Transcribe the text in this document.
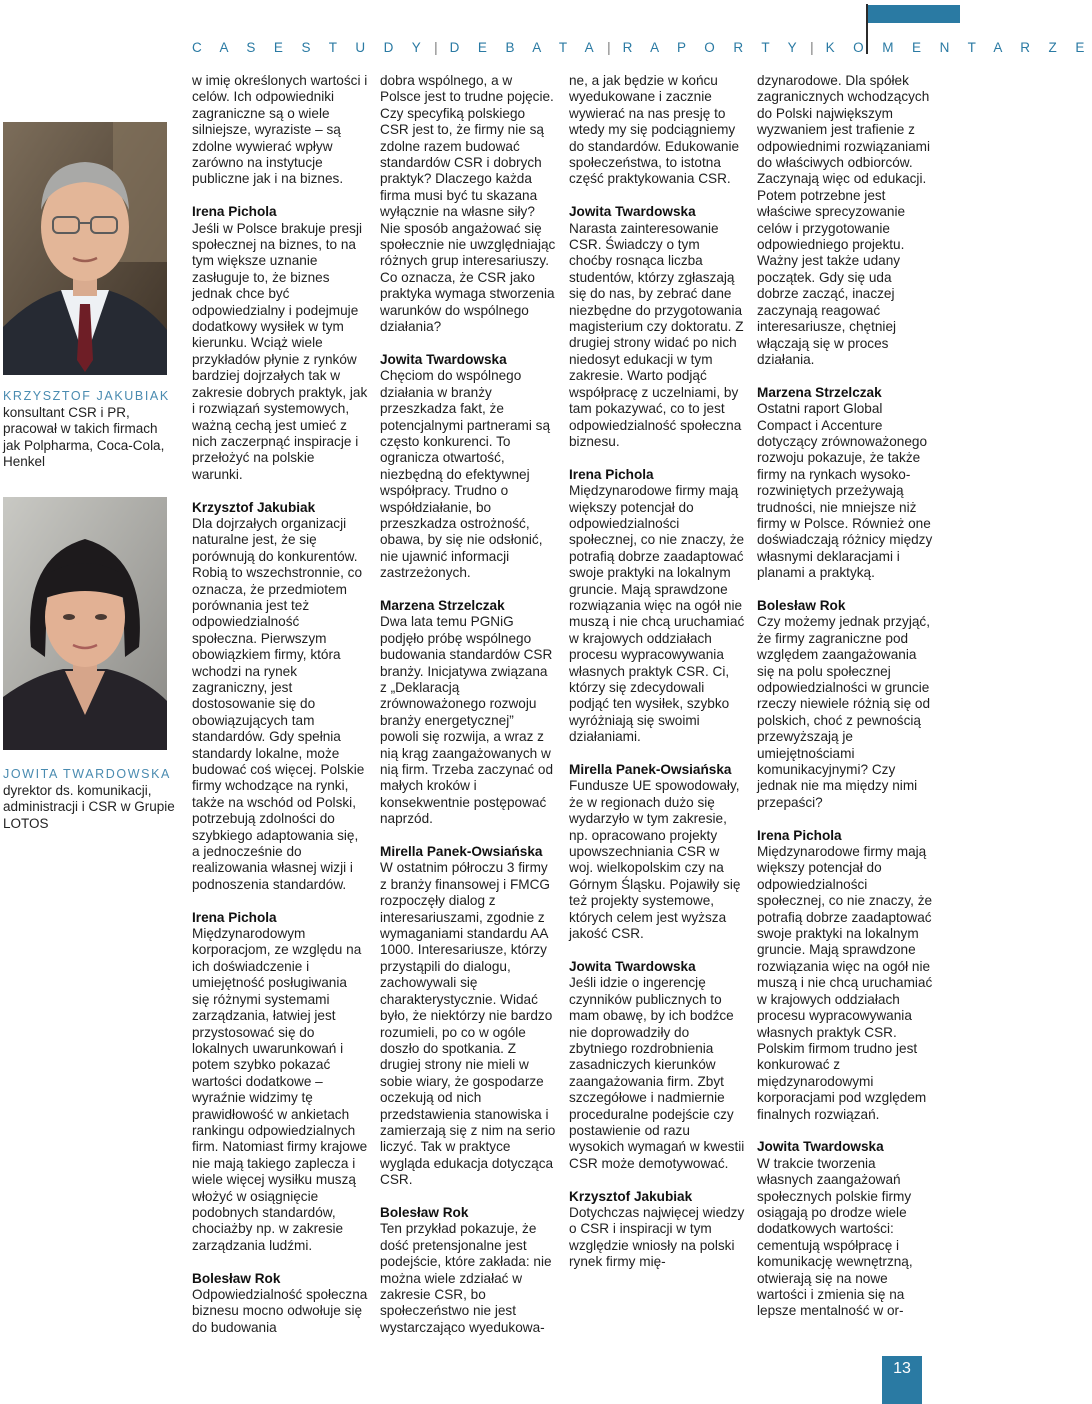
C A S E S T U D Y | D E B A T A | R A P O R T Y | K O M E N T A R Z E
KRZYSZTOF JAKUBIAK
konsultant CSR i PR, pracował w takich firmach jak Polpharma, Coca-Cola, Henkel
JOWITA TWARDOWSKA
dyrektor ds. komunikacji, administracji i CSR w Grupie LOTOS

w imię określonych wartości i celów. Ich odpowiedniki zagraniczne są o wiele silniejsze, wyraziste – są zdolne wywierać wpływ zarówno na instytucje publiczne jak i na biznes.

Irena Pichola
Jeśli w Polsce brakuje presji społecznej na biznes, to na tym większe uznanie zasługuje to, że biznes jednak chce być odpowiedzialny i podejmuje dodatkowy wysiłek w tym kierunku. Wciąż wiele przykładów płynie z rynków bardziej dojrzałych tak w zakresie dobrych praktyk, jak i rozwiązań systemowych, ważną cechą jest umieć z nich zaczerpnąć inspiracje i przełożyć na polskie warunki.

Krzysztof Jakubiak
Dla dojrzałych organizacji naturalne jest, że się porównują do konkurentów. Robią to wszechstronnie, co oznacza, że przedmiotem porównania jest też odpowiedzialność społeczna. Pierwszym obowiązkiem firmy, która wchodzi na rynek zagraniczny, jest dostosowanie się do obowiązujących tam standardów. Gdy spełnia standardy lokalne, może budować coś więcej. Polskie firmy wchodzące na rynki, także na wschód od Polski, potrzebują zdolności do szybkiego adaptowania się, a jednocześnie do realizowania własnej wizji i podnoszenia standardów.

Irena Pichola
Międzynarodowym korporacjom, ze względu na ich doświadczenie i umiejętność posługiwania się różnymi systemami zarządzania, łatwiej jest przystosować się do lokalnych uwarunkowań i potem szybko pokazać wartości dodatkowe – wyraźnie widzimy tę prawidłowość w ankietach rankingu odpowiedzialnych firm. Natomiast firmy krajowe nie mają takiego zaplecza i wiele więcej wysiłku muszą włożyć w osiągnięcie podobnych standardów, chociażby np. w zakresie zarządzania ludźmi.

Bolesław Rok
Odpowiedzialność społeczna biznesu mocno odwołuje się do budowania

dobra wspólnego, a w Polsce jest to trudne pojęcie. Czy specyfiką polskiego CSR jest to, że firmy nie są zdolne razem budować standardów CSR i dobrych praktyk? Dlaczego każda firma musi być tu skazana wyłącznie na własne siły? Nie sposób angażować się społecznie nie uwzględniając różnych grup interesariuszy. Co oznacza, że CSR jako praktyka wymaga stworzenia warunków do wspólnego działania?

Jowita Twardowska
Chęciom do wspólnego działania w branży przeszkadza fakt, że potencjalnymi partnerami są często konkurenci. To ogranicza otwartość, niezbędną do efektywnej współpracy. Trudno o współdziałanie, bo przeszkadza ostrożność, obawa, by się nie odsłonić, nie ujawnić informacji zastrzeżonych.

Marzena Strzelczak
Dwa lata temu PGNiG podjęło próbę wspólnego budowania standardów CSR branży. Inicjatywa związana z „Deklaracją zrównoważonego rozwoju branży energetycznej” powoli się rozwija, a wraz z nią krąg zaangażowanych w nią firm. Trzeba zaczynać od małych kroków i konsekwentnie postępować naprzód.

Mirella Panek-Owsiańska
W ostatnim półroczu 3 firmy z branży finansowej i FMCG rozpoczęły dialog z interesariuszami, zgodnie z wymaganiami standardu AA 1000. Interesariusze, którzy przystąpili do dialogu, zachowywali się charakterystycznie. Widać było, że niektórzy nie bardzo rozumieli, po co w ogóle doszło do spotkania. Z drugiej strony nie mieli w sobie wiary, że gospodarze oczekują od nich przedstawienia stanowiska i zamierzają się z nim na serio liczyć. Tak w praktyce wygląda edukacja dotycząca CSR.

Bolesław Rok
Ten przykład pokazuje, że dość pretensjonalne jest podejście, które zakłada: nie można wiele zdziałać w zakresie CSR, bo społeczeństwo nie jest wystarczająco wyedukowa-

ne, a jak będzie w końcu wyedukowane i zacznie wywierać na nas presję to wtedy my się podciągniemy do standardów. Edukowanie społeczeństwa, to istotna część praktykowania CSR.

Jowita Twardowska
Narasta zainteresowanie CSR. Świadczy o tym choćby rosnąca liczba studentów, którzy zgłaszają się do nas, by zebrać dane niezbędne do przygotowania magisterium czy doktoratu. Z drugiej strony widać po nich niedosyt edukacji w tym zakresie. Warto podjąć współpracę z uczelniami, by tam pokazywać, co to jest odpowiedzialność społeczna biznesu.

Irena Pichola
Międzynarodowe firmy mają większy potencjał do odpowiedzialności społecznej, co nie znaczy, że potrafią dobrze zaadaptować swoje praktyki na lokalnym gruncie. Mają sprawdzone rozwiązania więc na ogół nie muszą i nie chcą uruchamiać w krajowych oddziałach procesu wypracowywania własnych praktyk CSR. Ci, którzy się zdecydowali podjąć ten wysiłek, szybko wyróżniają się swoimi działaniami.

Mirella Panek-Owsiańska
Fundusze UE spowodowały, że w regionach dużo się wydarzyło w tym zakresie, np. opracowano projekty upowszechniania CSR w woj. wielkopolskim czy na Górnym Śląsku. Pojawiły się też projekty systemowe, których celem jest wyższa jakość CSR.

Jowita Twardowska
Jeśli idzie o ingerencję czynników publicznych to mam obawę, by ich bodźce nie doprowadziły do zbytniego rozdrobnienia zasadniczych kierunków zaangażowania firm. Zbyt szczegółowe i nadmiernie proceduralne podejście czy postawienie od razu wysokich wymagań w kwestii CSR może demotywować.

Krzysztof Jakubiak
Dotychczas najwięcej wiedzy o CSR i inspiracji w tym względzie wniosły na polski rynek firmy mię-

dzynarodowe. Dla spółek zagranicznych wchodzących do Polski największym wyzwaniem jest trafienie z odpowiednimi rozwiązaniami do właściwych odbiorców. Zaczynają więc od edukacji. Potem potrzebne jest właściwe sprecyzowanie celów i przygotowanie odpowiedniego projektu. Ważny jest także udany początek. Gdy się uda dobrze zacząć, inaczej zaczynają reagować interesariusze, chętniej włączają się w proces działania.

Marzena Strzelczak
Ostatni raport Global Compact i Accenture dotyczący zrównoważonego rozwoju pokazuje, że także firmy na rynkach wysoko-rozwiniętych przeżywają trudności, nie mniejsze niż firmy w Polsce. Również one doświadczają różnicy między własnymi deklaracjami i planami a praktyką.

Bolesław Rok
Czy możemy jednak przyjąć, że firmy zagraniczne pod względem zaangażowania się na polu społecznej odpowiedzialności w gruncie rzeczy niewiele różnią się od polskich, choć z pewnością przewyższają je umiejętnościami komunikacyjnymi? Czy jednak nie ma między nimi przepaści?

Irena Pichola
Międzynarodowe firmy mają większy potencjał do odpowiedzialności społecznej, co nie znaczy, że potrafią dobrze zaadaptować swoje praktyki na lokalnym gruncie. Mają sprawdzone rozwiązania więc na ogół nie muszą i nie chcą uruchamiać w krajowych oddziałach procesu wypracowywania własnych praktyk CSR. Polskim firmom trudno jest konkurować z międzynarodowymi korporacjami pod względem finalnych rozwiązań.

Jowita Twardowska
W trakcie tworzenia własnych zaangażowań społecznych polskie firmy osiągają po drodze wiele dodatkowych wartości: cementują współpracę i komunikację wewnętrzną, otwierają się na nowe wartości i zmienia się na lepsze mentalność w or-

13
